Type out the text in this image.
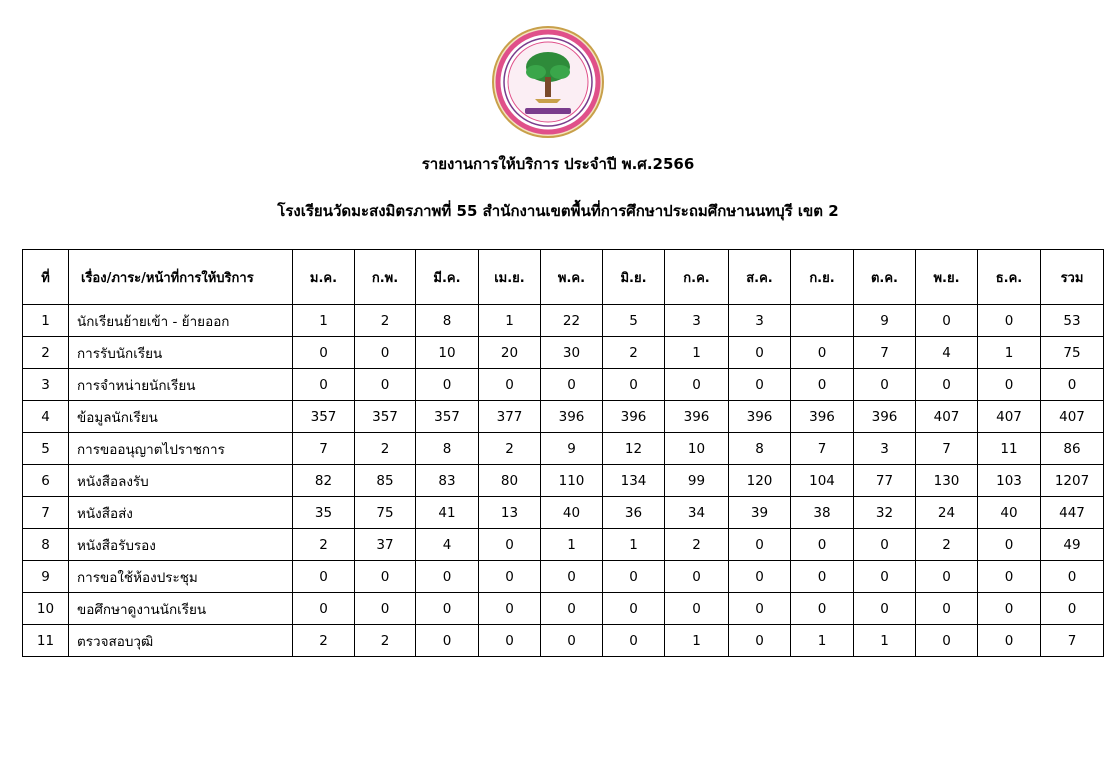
รายงานการให้บริการ ประจำปี พ.ศ.2566
โรงเรียนวัดมะสงมิตรภาพที่ 55 สำนักงานเขตพื้นที่การศึกษาประถมศึกษานนทบุรี เขต 2
ที่	เรื่อง/ภาระ/หน้าที่การให้บริการ	ม.ค.	ก.พ.	มี.ค.	เม.ย.	พ.ค.	มิ.ย.	ก.ค.	ส.ค.	ก.ย.	ต.ค.	พ.ย.	ธ.ค.	รวม
1	นักเรียนย้ายเข้า - ย้ายออก	1	2	8	1	22	5	3	3		9	0	0	53
2	การรับนักเรียน	0	0	10	20	30	2	1	0	0	7	4	1	75
3	การจำหน่ายนักเรียน	0	0	0	0	0	0	0	0	0	0	0	0	0
4	ข้อมูลนักเรียน	357	357	357	377	396	396	396	396	396	396	407	407	407
5	การขออนุญาตไปราชการ	7	2	8	2	9	12	10	8	7	3	7	11	86
6	หนังสือลงรับ	82	85	83	80	110	134	99	120	104	77	130	103	1207
7	หนังสือส่ง	35	75	41	13	40	36	34	39	38	32	24	40	447
8	หนังสือรับรอง	2	37	4	0	1	1	2	0	0	0	2	0	49
9	การขอใช้ห้องประชุม	0	0	0	0	0	0	0	0	0	0	0	0	0
10	ขอศึกษาดูงานนักเรียน	0	0	0	0	0	0	0	0	0	0	0	0	0
11	ตรวจสอบวุฒิ	2	2	0	0	0	0	1	0	1	1	0	0	7
